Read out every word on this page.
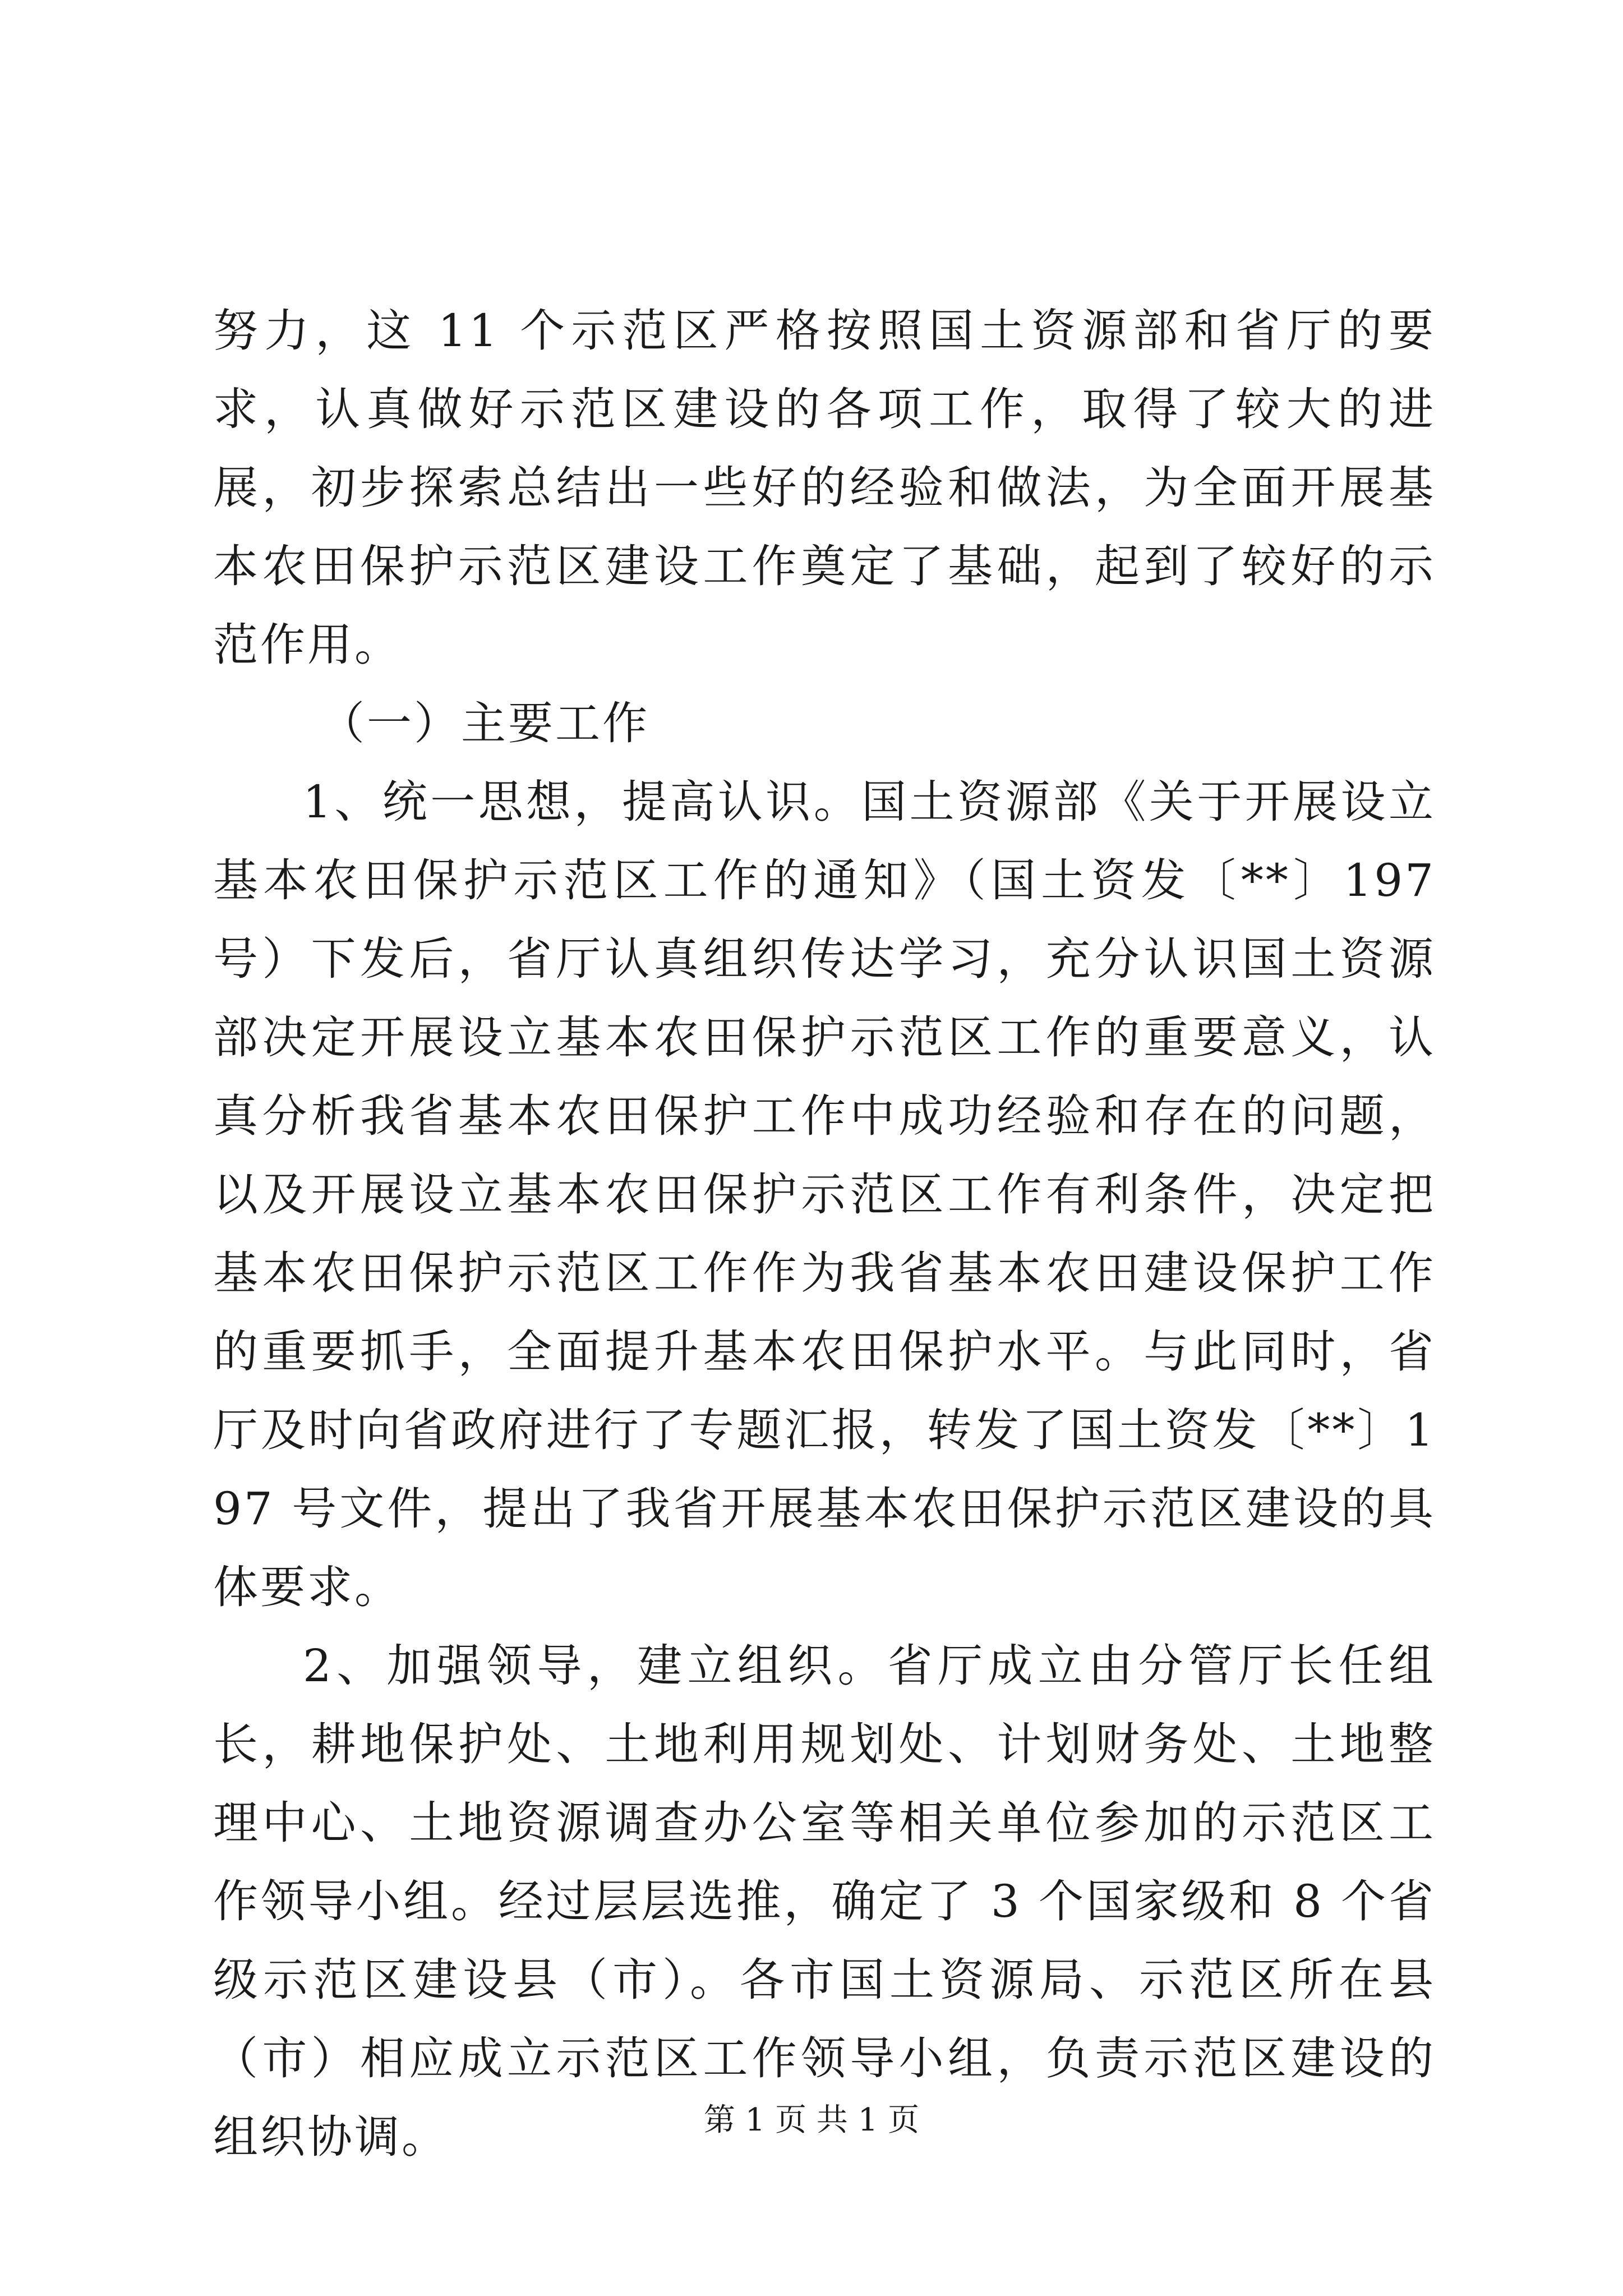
努力，这 11 个示范区严格按照国土资源部和省厅的要求，认真做好示范区建设的各项工作，取得了较大的进展，初步探索总结出一些好的经验和做法，为全面开展基本农田保护示范区建设工作奠定了基础，起到了较好的示范作用。

（一）主要工作

1、统一思想，提高认识。国土资源部《关于开展设立基本农田保护示范区工作的通知》（国土资发〔**〕197 号）下发后，省厅认真组织传达学习，充分认识国土资源部决定开展设立基本农田保护示范区工作的重要意义，认真分析我省基本农田保护工作中成功经验和存在的问题，以及开展设立基本农田保护示范区工作有利条件，决定把基本农田保护示范区工作作为我省基本农田建设保护工作的重要抓手，全面提升基本农田保护水平。与此同时，省厅及时向省政府进行了专题汇报，转发了国土资发〔**〕197 号文件，提出了我省开展基本农田保护示范区建设的具体要求。

2、加强领导，建立组织。省厅成立由分管厅长任组长，耕地保护处、土地利用规划处、计划财务处、土地整理中心、土地资源调查办公室等相关单位参加的示范区工作领导小组。经过层层选推，确定了 3 个国家级和 8 个省级示范区建设县（市）。各市国土资源局、示范区所在县（市）相应成立示范区工作领导小组，负责示范区建设的组织协调。	第 1 页 共 1 页
